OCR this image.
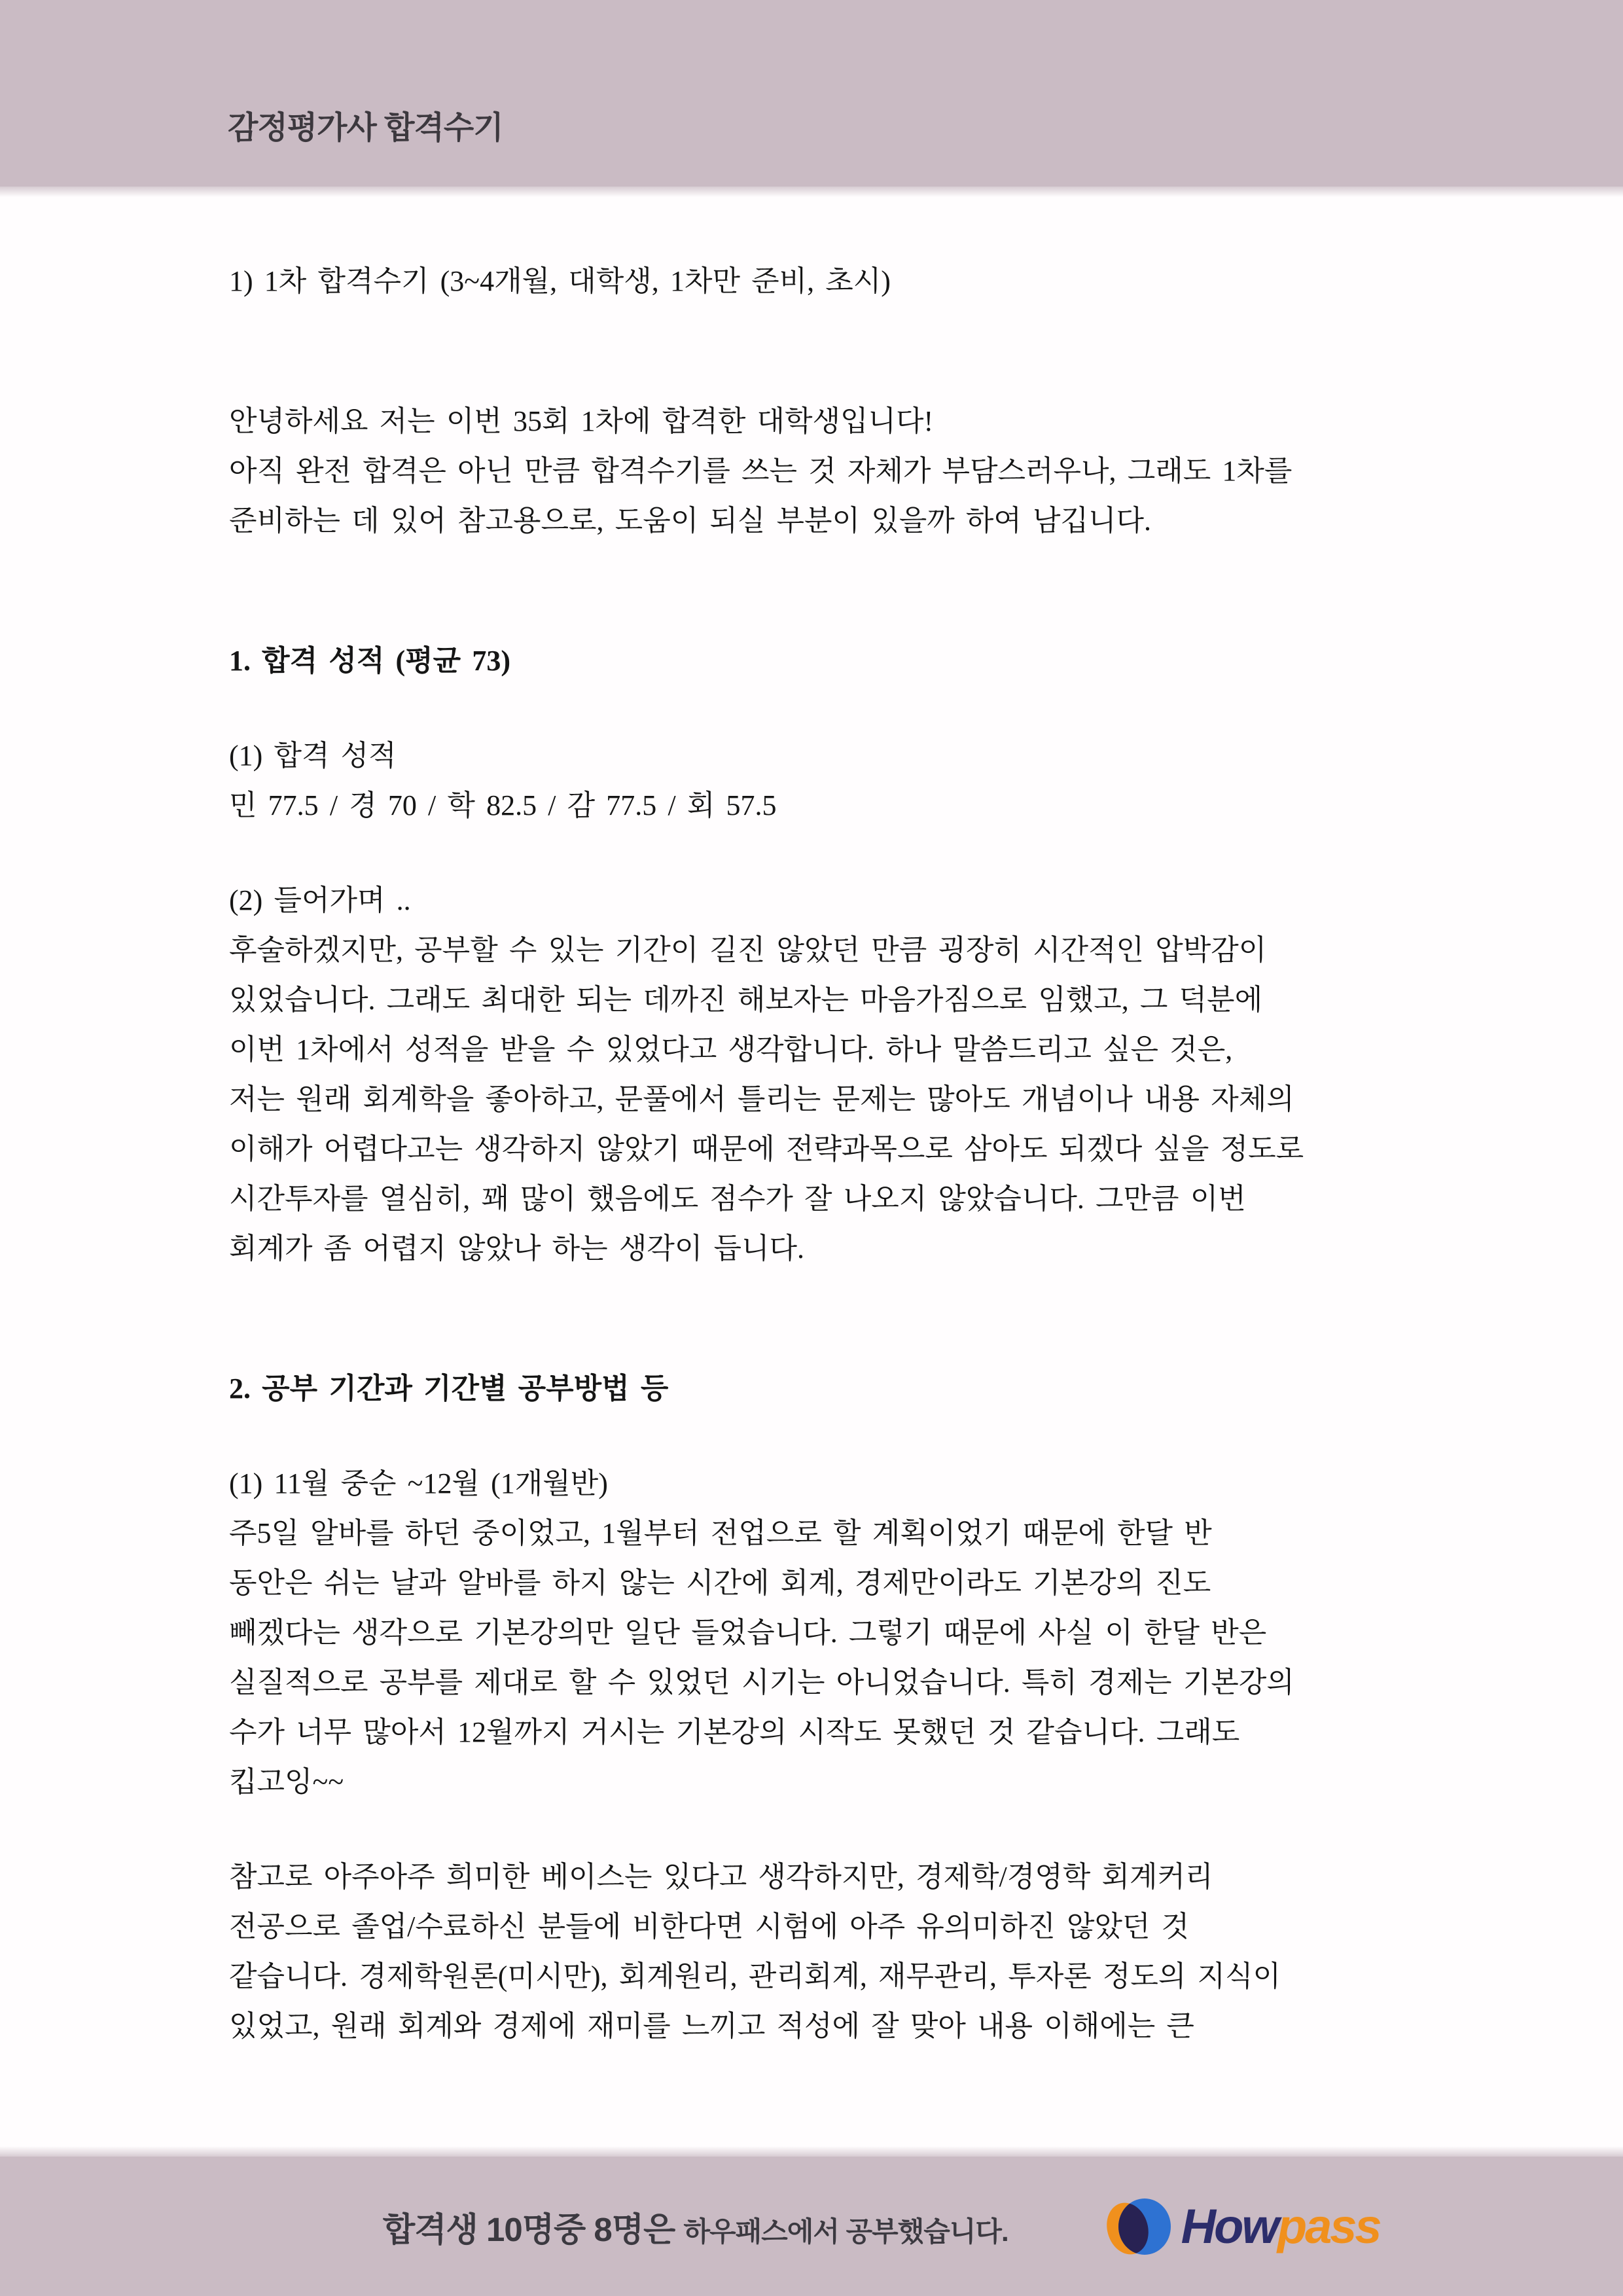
감정평가사 합격수기
1) 1차 합격수기 (3~4개월, 대학생, 1차만 준비, 초시)
안녕하세요 저는 이번 35회 1차에 합격한 대학생입니다!
아직 완전 합격은 아닌 만큼 합격수기를 쓰는 것 자체가 부담스러우나, 그래도 1차를
준비하는 데 있어 참고용으로, 도움이 되실 부분이 있을까 하여 남깁니다.
1. 합격 성적 (평균 73)
(1) 합격 성적
민 77.5 / 경 70 / 학 82.5 / 감 77.5 / 회 57.5
(2) 들어가며 ..
후술하겠지만, 공부할 수 있는 기간이 길진 않았던 만큼 굉장히 시간적인 압박감이
있었습니다. 그래도 최대한 되는 데까진 해보자는 마음가짐으로 임했고, 그 덕분에
이번 1차에서 성적을 받을 수 있었다고 생각합니다. 하나 말씀드리고 싶은 것은,
저는 원래 회계학을 좋아하고, 문풀에서 틀리는 문제는 많아도 개념이나 내용 자체의
이해가 어렵다고는 생각하지 않았기 때문에 전략과목으로 삼아도 되겠다 싶을 정도로
시간투자를 열심히, 꽤 많이 했음에도 점수가 잘 나오지 않았습니다. 그만큼 이번
회계가 좀 어렵지 않았나 하는 생각이 듭니다.
2. 공부 기간과 기간별 공부방법 등
(1) 11월 중순 ~12월 (1개월반)
주5일 알바를 하던 중이었고, 1월부터 전업으로 할 계획이었기 때문에 한달 반
동안은 쉬는 날과 알바를 하지 않는 시간에 회계, 경제만이라도 기본강의 진도
빼겠다는 생각으로 기본강의만 일단 들었습니다. 그렇기 때문에 사실 이 한달 반은
실질적으로 공부를 제대로 할 수 있었던 시기는 아니었습니다. 특히 경제는 기본강의
수가 너무 많아서 12월까지 거시는 기본강의 시작도 못했던 것 같습니다. 그래도
킵고잉~~
참고로 아주아주 희미한 베이스는 있다고 생각하지만, 경제학/경영학 회계커리
전공으로 졸업/수료하신 분들에 비한다면 시험에 아주 유의미하진 않았던 것
같습니다. 경제학원론(미시만), 회계원리, 관리회계, 재무관리, 투자론 정도의 지식이
있었고, 원래 회계와 경제에 재미를 느끼고 적성에 잘 맞아 내용 이해에는 큰
합격생 10명중 8명은 하우패스에서 공부했습니다.	Howpass
